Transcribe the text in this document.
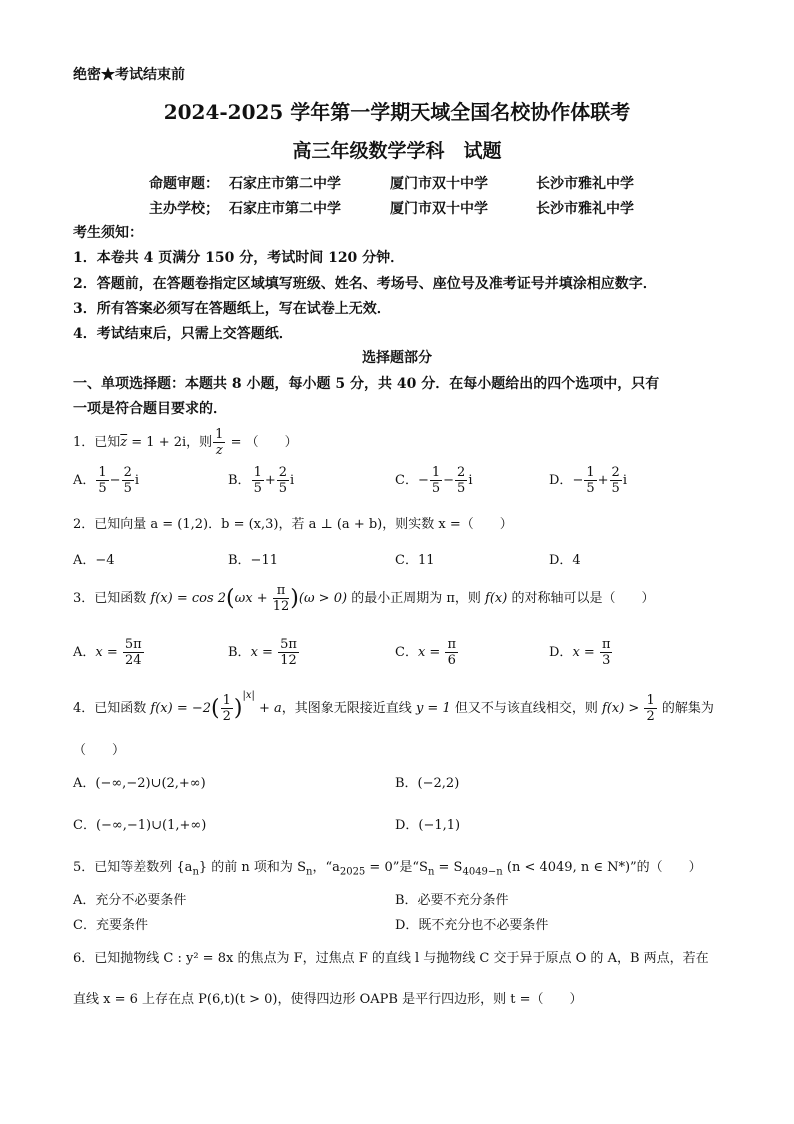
绝密★考试结束前
2024-2025 学年第一学期天域全国名校协作体联考
高三年级数学学科　试题
命题审题： 石家庄市第二中学	厦门市双十中学	长沙市雅礼中学
主办学校； 石家庄市第二中学	厦门市双十中学	长沙市雅礼中学
考生须知：
1．本卷共 4 页满分 150 分，考试时间 120 分钟．
2．答题前，在答题卷指定区域填写班级、姓名、考场号、座位号及准考证号并填涂相应数字．
3．所有答案必须写在答题纸上，写在试卷上无效．
4．考试结束后，只需上交答题纸．
选择题部分
一、单项选择题：本题共 8 小题，每小题 5 分，共 40 分．在每小题给出的四个选项中，只有
一项是符合题目要求的．
1．已知$\overline{z} = 1 + 2i$，则 $\frac{1}{z}$ = （　　）
A． $\frac{1}{5} - \frac{2}{5}$ i	B． $\frac{1}{5} + \frac{2}{5}$ i	C．− $\frac{1}{5} - \frac{2}{5}$ i	D．− $\frac{1}{5} + \frac{2}{5}$ i
2．已知向量 a = (1,2)．b = (x,3)，若 a ⊥ (a + b)，则实数 x =（　　）
A．−4	B．−11	C．11	D．4
3．已知函数 $f(x) = \cos 2(\omega x + \frac{\pi}{12} )(\omega > 0)$ 的最小正周期为 π，则 f(x) 的对称轴可以是（　　）
A．$x = \frac{5\pi}{24}$	B．$x = \frac{5\pi}{12}$	C．$x = \frac{\pi}{6}$	D．$x = \frac{\pi}{3}$
4．已知函数 $f(x) = -2( \frac{1}{2} )^{|x|} + a$，其图象无限接近直线 y = 1 但又不与该直线相交，则 $f(x) > \frac{1}{2}$ 的解集为
（　　）
A．(−∞,−2)∪(2,+∞)	B．(−2,2)
C．(−∞,−1)∪(1,+∞)	D．(−1,1)
5．已知等差数列 $\{a_n\}$ 的前 n 项和为 $S_n$，“$a_{2025} = 0$”是“$S_n = S_{4049-n}$ (n < 4049, n ∈ N*)”的（　　）
A．充分不必要条件	B．必要不充分条件
C．充要条件	D．既不充分也不必要条件
6．已知抛物线 C : y² = 8x 的焦点为 F，过焦点 F 的直线 l 与抛物线 C 交于异于原点 O 的 A，B 两点，若在
直线 x = 6 上存在点 P(6,t)(t > 0)，使得四边形 OAPB 是平行四边形，则 t =（　　）
